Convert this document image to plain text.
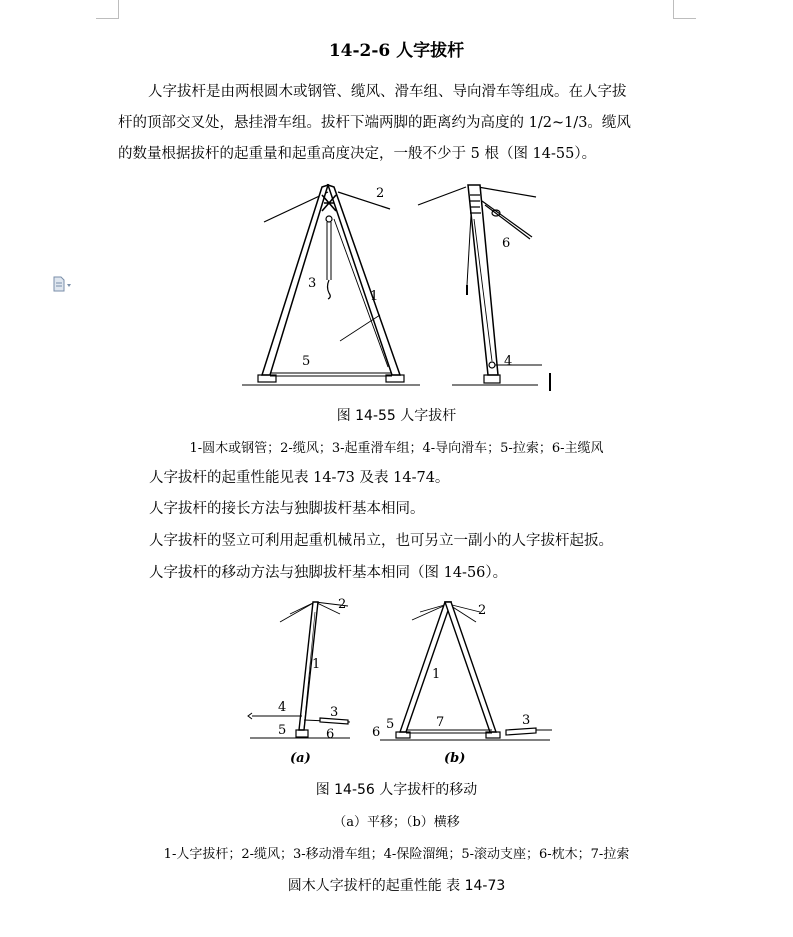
14-2-6 人字拔杆
人字拔杆是由两根圆木或钢管、缆风、滑车组、导向滑车等组成。在人字拔
杆的顶部交叉处，悬挂滑车组。拔杆下端两脚的距离约为高度的 1/2~1/3。缆风
的数量根据拔杆的起重量和起重高度决定，一般不少于 5 根（图 14-55）。
2
3
1
5
6
4
图 14-55 人字拔杆
1-圆木或钢管；2-缆风；3-起重滑车组；4-导向滑车；5-拉索；6-主缆风
人字拔杆的起重性能见表 14-73 及表 14-74。
人字拔杆的接长方法与独脚拔杆基本相同。
人字拔杆的竖立可利用起重机械吊立，也可另立一副小的人字拔杆起扳。
人字拔杆的移动方法与独脚拔杆基本相同（图 14-56）。
2
1
4	3
5	6
2
1
6
5	7	3
(a)	(b)
图 14-56 人字拔杆的移动
（a）平移；（b）横移
1-人字拔杆；2-缆风；3-移动滑车组；4-保险溜绳；5-滚动支座；6-枕木；7-拉索
圆木人字拔杆的起重性能 表 14-73
